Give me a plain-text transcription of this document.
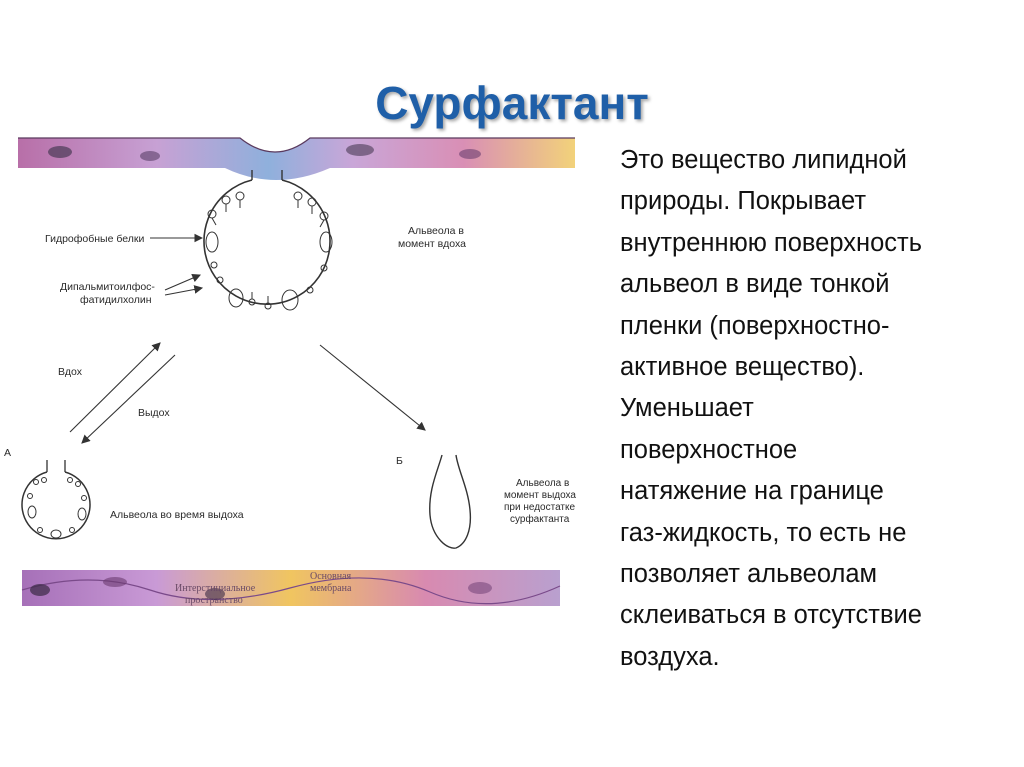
Сурфактант
Гидрофобные белки
Дипальмитоилфос-
фатидилхолин
Альвеола в
момент вдоха
Вдох
Выдох
А
Б
Альвеола во время выдоха
Альвеола в
момент выдоха
при недостатке
сурфактанта
Интерстициальное
пространство
Основная
мембрана

Это вещество липидной

природы. Покрывает

внутреннюю поверхность

альвеол в виде тонкой

пленки (поверхностно-

активное вещество).

Уменьшает

поверхностное

натяжение на границе

газ-жидкость, то есть не

позволяет альвеолам

склеиваться в отсутствие

воздуха.
